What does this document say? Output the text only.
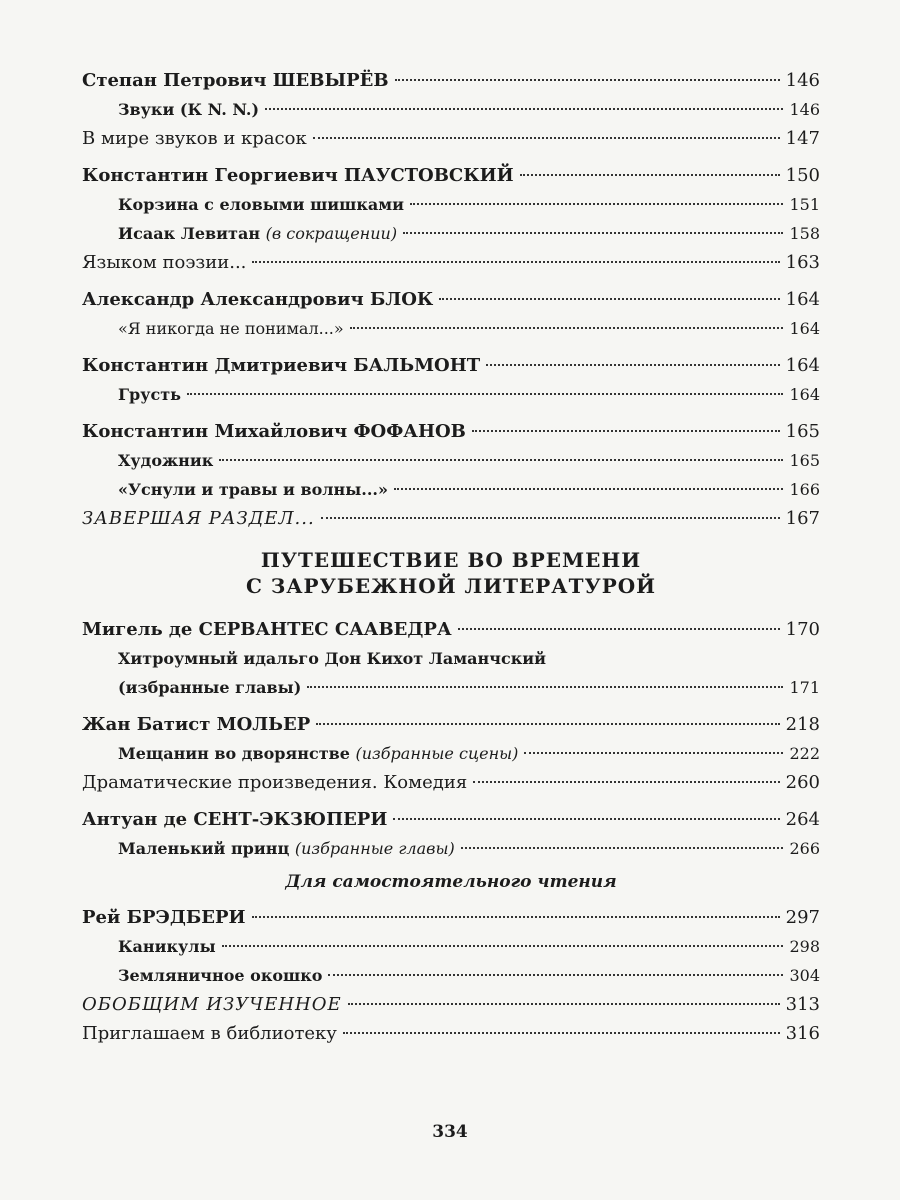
Степан Петрович ШЕВЫРЁВ	146
Звуки (К N. N.)	146
В мире звуков и красок	147
Константин Георгиевич ПАУСТОВСКИЙ	150
Корзина с еловыми шишками	151
Исаак Левитан (в сокращении)	158
Языком поэзии...	163
Александр Александрович БЛОК	164
«Я никогда не понимал...»	164
Константин Дмитриевич БАЛЬМОНТ	164
Грусть	164
Константин Михайлович ФОФАНОВ	165
Художник	165
«Уснули и травы и волны...»	166
ЗАВЕРШАЯ РАЗДЕЛ...	167
ПУТЕШЕСТВИЕ ВО ВРЕМЕНИ
С ЗАРУБЕЖНОЙ ЛИТЕРАТУРОЙ
Мигель де СЕРВАНТЕС СААВЕДРА	170
Хитроумный идальго Дон Кихот Ламанчский
(избранные главы)	171
Жан Батист МОЛЬЕР	218
Мещанин во дворянстве (избранные сцены)	222
Драматические произведения. Комедия	260
Антуан де СЕНТ-ЭКЗЮПЕРИ	264
Маленький принц (избранные главы)	266
Для самостоятельного чтения
Рей БРЭДБЕРИ	297
Каникулы	298
Земляничное окошко	304
ОБОБЩИМ ИЗУЧЕННОЕ	313
Приглашаем в библиотеку	316
334
